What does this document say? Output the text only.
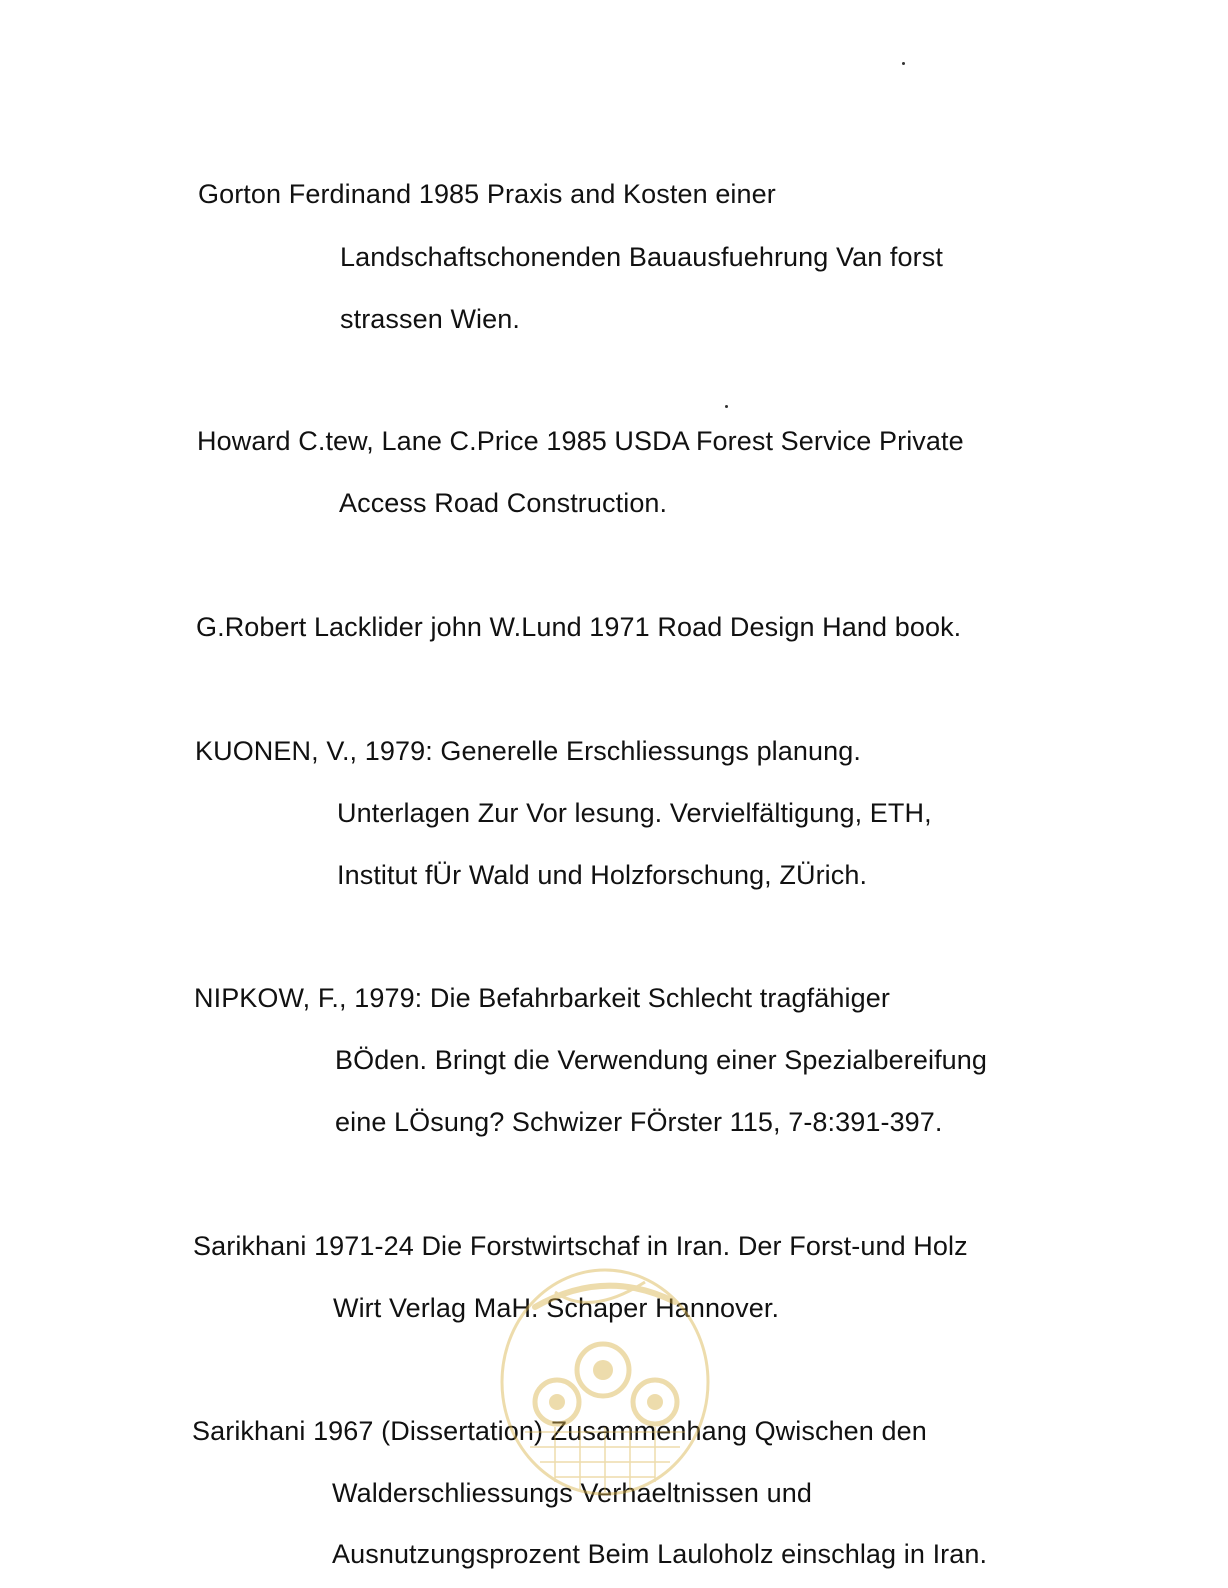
Gorton Ferdinand 1985 Praxis and Kosten einer
Landschaftschonenden Bauausfuehrung Van forst
strassen Wien.
Howard C.tew, Lane C.Price 1985 USDA Forest Service Private
Access Road Construction.
G.Robert Lacklider john W.Lund 1971 Road Design Hand book.
KUONEN, V., 1979: Generelle Erschliessungs planung.
Unterlagen Zur Vor lesung. Vervielfältigung, ETH,
Institut fÜr Wald und Holzforschung, ZÜrich.
NIPKOW, F., 1979: Die Befahrbarkeit Schlecht tragfähiger
BÖden. Bringt die Verwendung einer Spezialbereifung
eine LÖsung? Schwizer FÖrster 115, 7-8:391-397.
Sarikhani 1971-24 Die Forstwirtschaf in Iran. Der Forst-und Holz
Wirt Verlag MaH. Schaper Hannover.
Sarikhani 1967 (Dissertation) Zusammenhang Qwischen den
Walderschliessungs Verhaeltnissen und
Ausnutzungsprozent Beim Lauloholz einschlag in Iran.
